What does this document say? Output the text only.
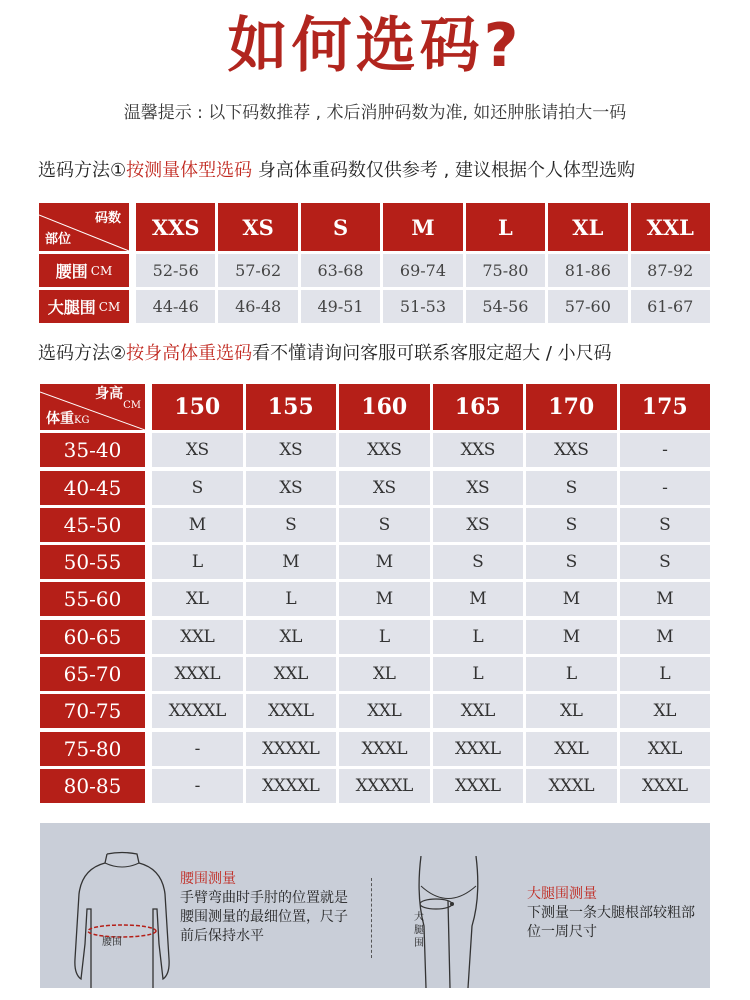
如何选码?
温馨提示 : 以下码数推荐 , 术后消肿码数为准, 如还肿胀请拍大一码
选码方法①按测量体型选码 身高体重码数仅供参考 , 建议根据个人体型选购
码数
部位	XXS	XS	S	M	L	XL	XXL
腰围 CM	52-56	57-62	63-68	69-74	75-80	81-86	87-92
大腿围 CM	44-46	46-48	49-51	51-53	54-56	57-60	61-67
选码方法②按身高体重选码看不懂请询问客服可联系客服定超大 / 小尺码
身高CM
体重KG
150	155	160	165	170	175
35-40	XS	XS	XXS	XXS	XXS	-
40-45	S	XS	XS	XS	S	-
45-50	M	S	S	XS	S	S
50-55	L	M	M	S	S	S
55-60	XL	L	M	M	M	M
60-65	XXL	XL	L	L	M	M
65-70	XXXL	XXL	XL	L	L	L
70-75	XXXXL	XXXL	XXL	XXL	XL	XL
75-80	-	XXXXL	XXXL	XXXL	XXL	XXL
80-85	-	XXXXL	XXXXL	XXXL	XXXL	XXXL
腰围
腰围测量
手臂弯曲时手肘的位置就是腰围测量的最细位置，尺子前后保持水平
大腿围
大腿围测量
下测量一条大腿根部较粗部位一周尺寸
